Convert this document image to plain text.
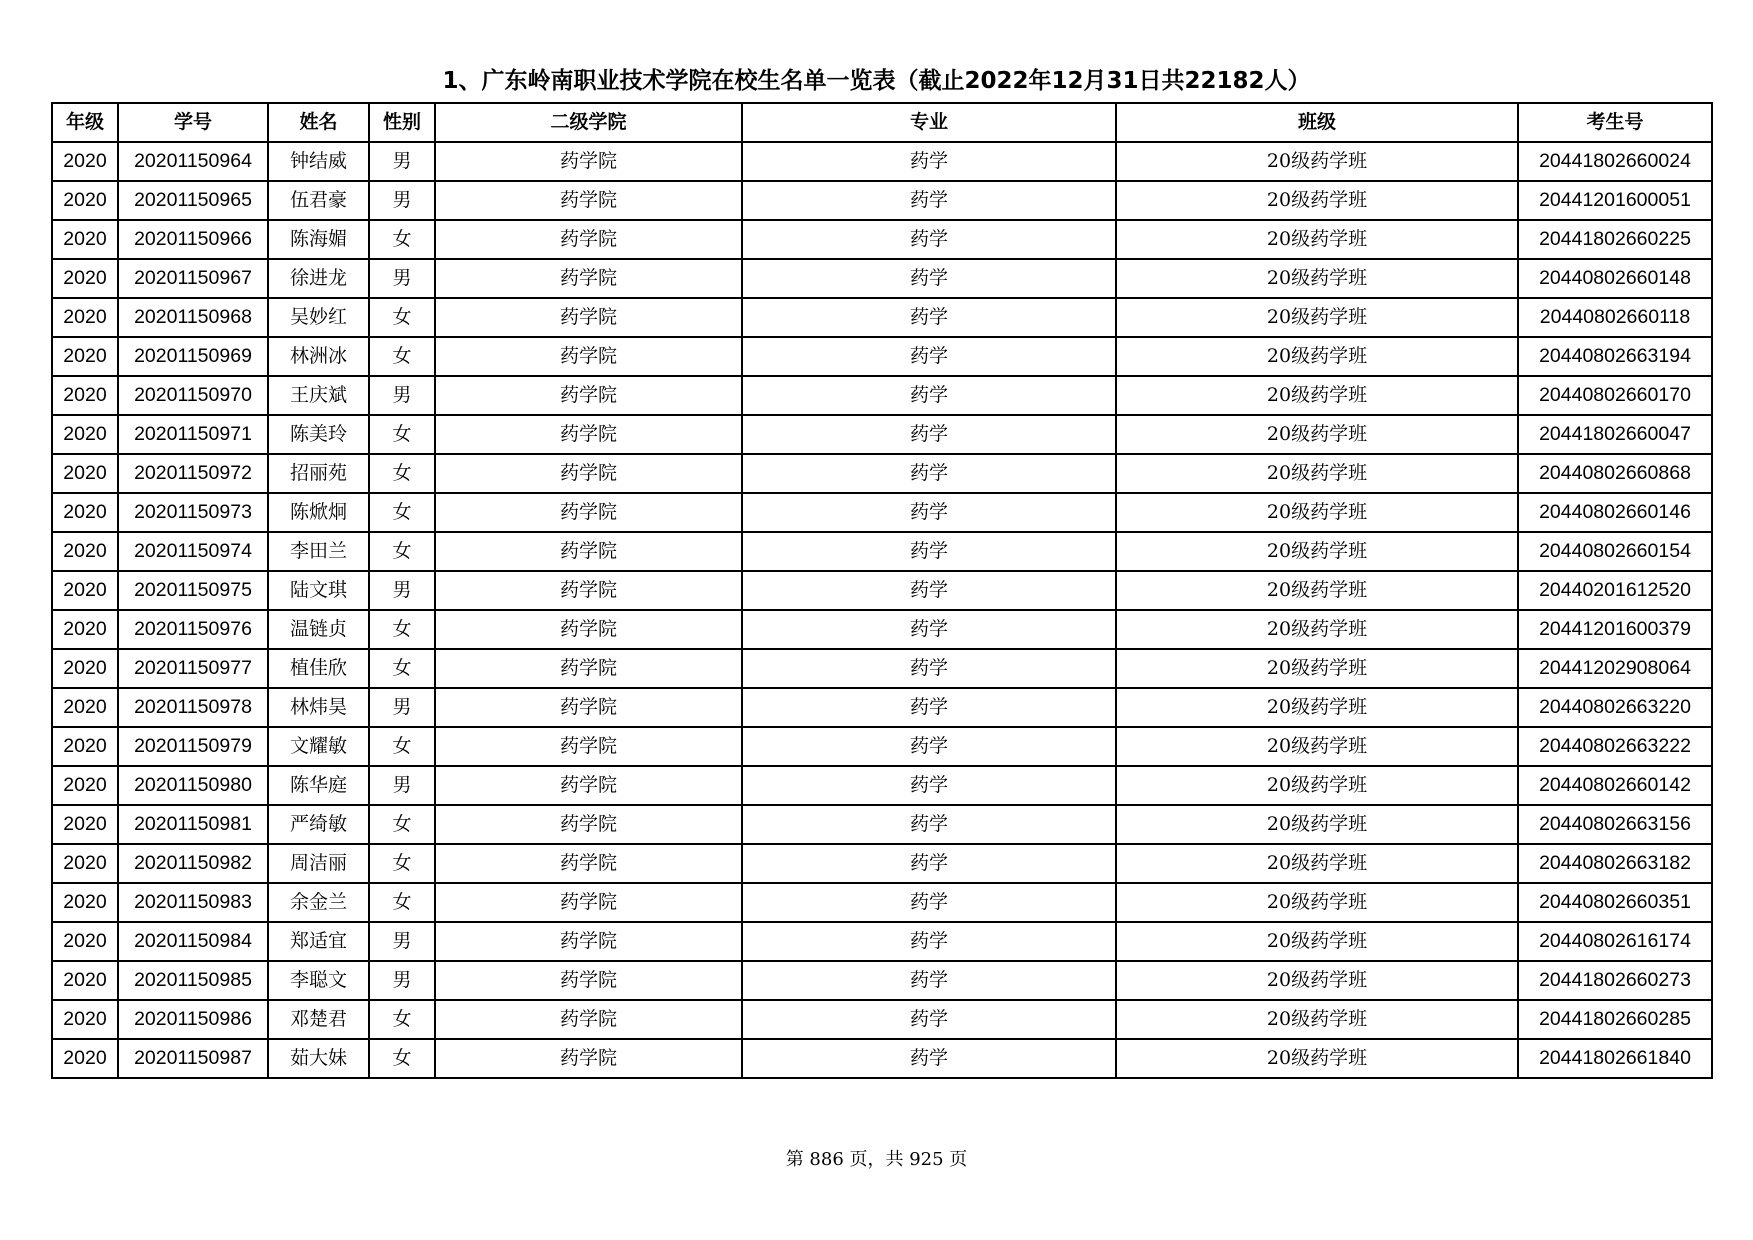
1、广东岭南职业技术学院在校生名单一览表（截止2022年12月31日共22182人）
年级	学号	姓名	性别	二级学院	专业	班级	考生号
2020	20201150964	钟结威	男	药学院	药学	20级药学班	20441802660024
2020	20201150965	伍君豪	男	药学院	药学	20级药学班	20441201600051
2020	20201150966	陈海媚	女	药学院	药学	20级药学班	20441802660225
2020	20201150967	徐进龙	男	药学院	药学	20级药学班	20440802660148
2020	20201150968	吴妙红	女	药学院	药学	20级药学班	20440802660118
2020	20201150969	林洲冰	女	药学院	药学	20级药学班	20440802663194
2020	20201150970	王庆斌	男	药学院	药学	20级药学班	20440802660170
2020	20201150971	陈美玲	女	药学院	药学	20级药学班	20441802660047
2020	20201150972	招丽苑	女	药学院	药学	20级药学班	20440802660868
2020	20201150973	陈焮炯	女	药学院	药学	20级药学班	20440802660146
2020	20201150974	李田兰	女	药学院	药学	20级药学班	20440802660154
2020	20201150975	陆文琪	男	药学院	药学	20级药学班	20440201612520
2020	20201150976	温链贞	女	药学院	药学	20级药学班	20441201600379
2020	20201150977	植佳欣	女	药学院	药学	20级药学班	20441202908064
2020	20201150978	林炜昊	男	药学院	药学	20级药学班	20440802663220
2020	20201150979	文耀敏	女	药学院	药学	20级药学班	20440802663222
2020	20201150980	陈华庭	男	药学院	药学	20级药学班	20440802660142
2020	20201150981	严绮敏	女	药学院	药学	20级药学班	20440802663156
2020	20201150982	周洁丽	女	药学院	药学	20级药学班	20440802663182
2020	20201150983	余金兰	女	药学院	药学	20级药学班	20440802660351
2020	20201150984	郑适宜	男	药学院	药学	20级药学班	20440802616174
2020	20201150985	李聪文	男	药学院	药学	20级药学班	20441802660273
2020	20201150986	邓楚君	女	药学院	药学	20级药学班	20441802660285
2020	20201150987	茹大妹	女	药学院	药学	20级药学班	20441802661840
第 886 页，共 925 页
